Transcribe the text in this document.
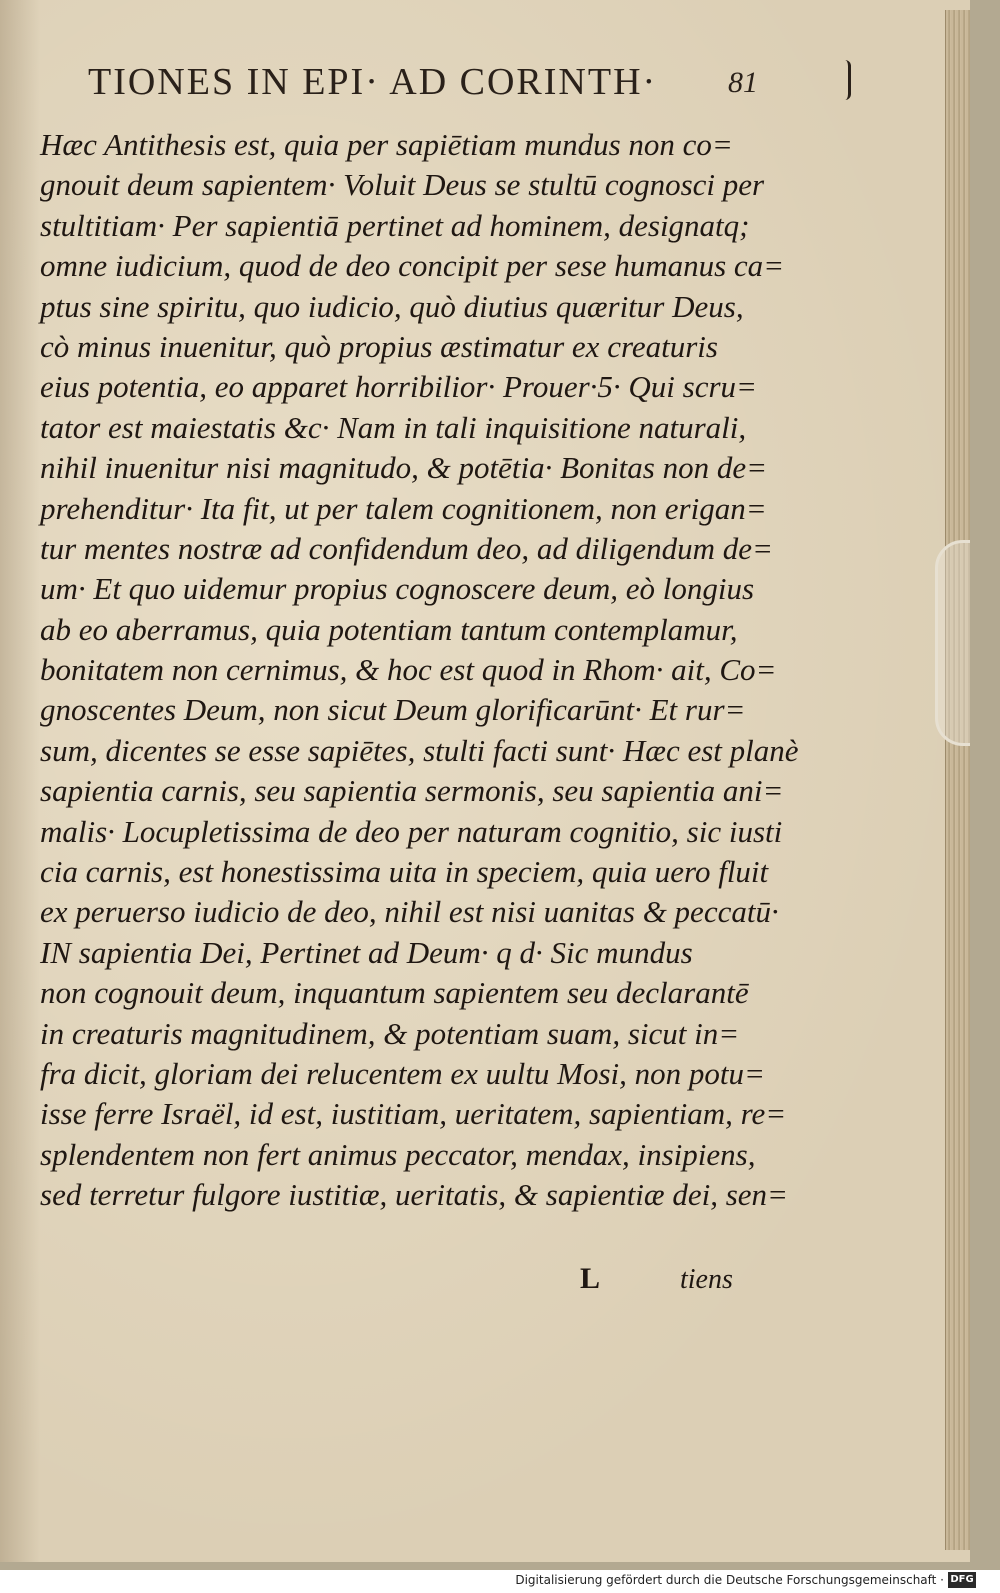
TIONES IN EPI· AD CORINTH· 81
Hæc Antithesis est, quia per sapiētiam mundus non co=
gnouit deum sapientem· Voluit Deus se stultū cognosci per
stultitiam· Per sapientiā pertinet ad hominem, designatq;
omne iudicium, quod de deo concipit per sese humanus ca=
ptus sine spiritu, quo iudicio, quò diutius quæritur Deus,
cò minus inuenitur, quò propius æstimatur ex creaturis
eius potentia, eo apparet horribilior· Prouer·5· Qui scru=
tator est maiestatis &c· Nam in tali inquisitione naturali,
nihil inuenitur nisi magnitudo, & potētia· Bonitas non de=
prehenditur· Ita fit, ut per talem cognitionem, non erigan=
tur mentes nostræ ad confidendum deo, ad diligendum de=
um· Et quo uidemur propius cognoscere deum, eò longius
ab eo aberramus, quia potentiam tantum contemplamur,
bonitatem non cernimus, & hoc est quod in Rhom· ait, Co=
gnoscentes Deum, non sicut Deum glorificarūnt· Et rur=
sum, dicentes se esse sapiētes, stulti facti sunt· Hæc est planè
sapientia carnis, seu sapientia sermonis, seu sapientia ani=
malis· Locupletissima de deo per naturam cognitio, sic iusti
cia carnis, est honestissima uita in speciem, quia uero fluit
ex peruerso iudicio de deo, nihil est nisi uanitas & peccatū·
IN sapientia Dei, Pertinet ad Deum· q d· Sic mundus
non cognouit deum, inquantum sapientem seu declarantē
in creaturis magnitudinem, & potentiam suam, sicut in=
fra dicit, gloriam dei relucentem ex uultu Mosi, non potu=
isse ferre Israël, id est, iustitiam, ueritatem, sapientiam, re=
splendentem non fert animus peccator, mendax, insipiens,
sed terretur fulgore iustitiæ, ueritatis, & sapientiæ dei, sen=
L	tiens
Digitalisierung gefördert durch die Deutsche Forschungsgemeinschaft · DFG
